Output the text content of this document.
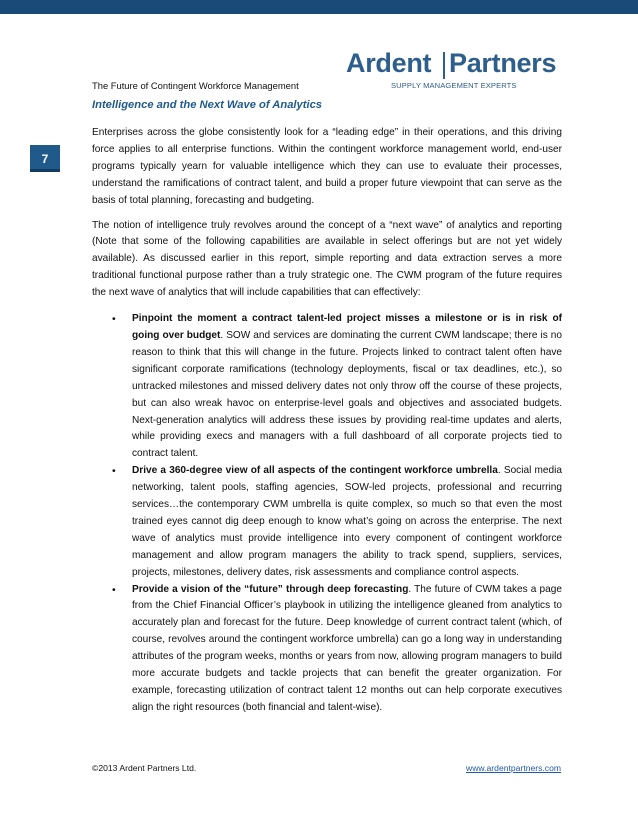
The Future of Contingent Workforce Management
Ardent Partners
SUPPLY MANAGEMENT EXPERTS
7
Intelligence and the Next Wave of Analytics

Enterprises across the globe consistently look for a “leading edge” in their operations, and this driving force applies to all enterprise functions. Within the contingent workforce management world, end-user programs typically yearn for valuable intelligence which they can use to evaluate their processes, understand the ramifications of contract talent, and build a proper future viewpoint that can serve as the basis of total planning, forecasting and budgeting.

The notion of intelligence truly revolves around the concept of a “next wave” of analytics and reporting (Note that some of the following capabilities are available in select offerings but are not yet widely available). As discussed earlier in this report, simple reporting and data extraction serves a more traditional functional purpose rather than a truly strategic one. The CWM program of the future requires the next wave of analytics that will include capabilities that can effectively:

• Pinpoint the moment a contract talent-led project misses a milestone or is in risk of going over budget. SOW and services are dominating the current CWM landscape; there is no reason to think that this will change in the future. Projects linked to contract talent often have significant corporate ramifications (technology deployments, fiscal or tax deadlines, etc.), so untracked milestones and missed delivery dates not only throw off the course of these projects, but can also wreak havoc on enterprise-level goals and objectives and associated budgets. Next-generation analytics will address these issues by providing real-time updates and alerts, while providing execs and managers with a full dashboard of all corporate projects tied to contract talent.
• Drive a 360-degree view of all aspects of the contingent workforce umbrella. Social media networking, talent pools, staffing agencies, SOW-led projects, professional and recurring services…the contemporary CWM umbrella is quite complex, so much so that even the most trained eyes cannot dig deep enough to know what’s going on across the enterprise. The next wave of analytics must provide intelligence into every component of contingent workforce management and allow program managers the ability to track spend, suppliers, services, projects, milestones, delivery dates, risk assessments and compliance control aspects.
• Provide a vision of the “future” through deep forecasting. The future of CWM takes a page from the Chief Financial Officer’s playbook in utilizing the intelligence gleaned from analytics to accurately plan and forecast for the future. Deep knowledge of current contract talent (which, of course, revolves around the contingent workforce umbrella) can go a long way in understanding attributes of the program weeks, months or years from now, allowing program managers to build more accurate budgets and tackle projects that can benefit the greater organization. For example, forecasting utilization of contract talent 12 months out can help corporate executives align the right resources (both financial and talent-wise).
©2013 Ardent Partners Ltd.	www.ardentpartners.com
